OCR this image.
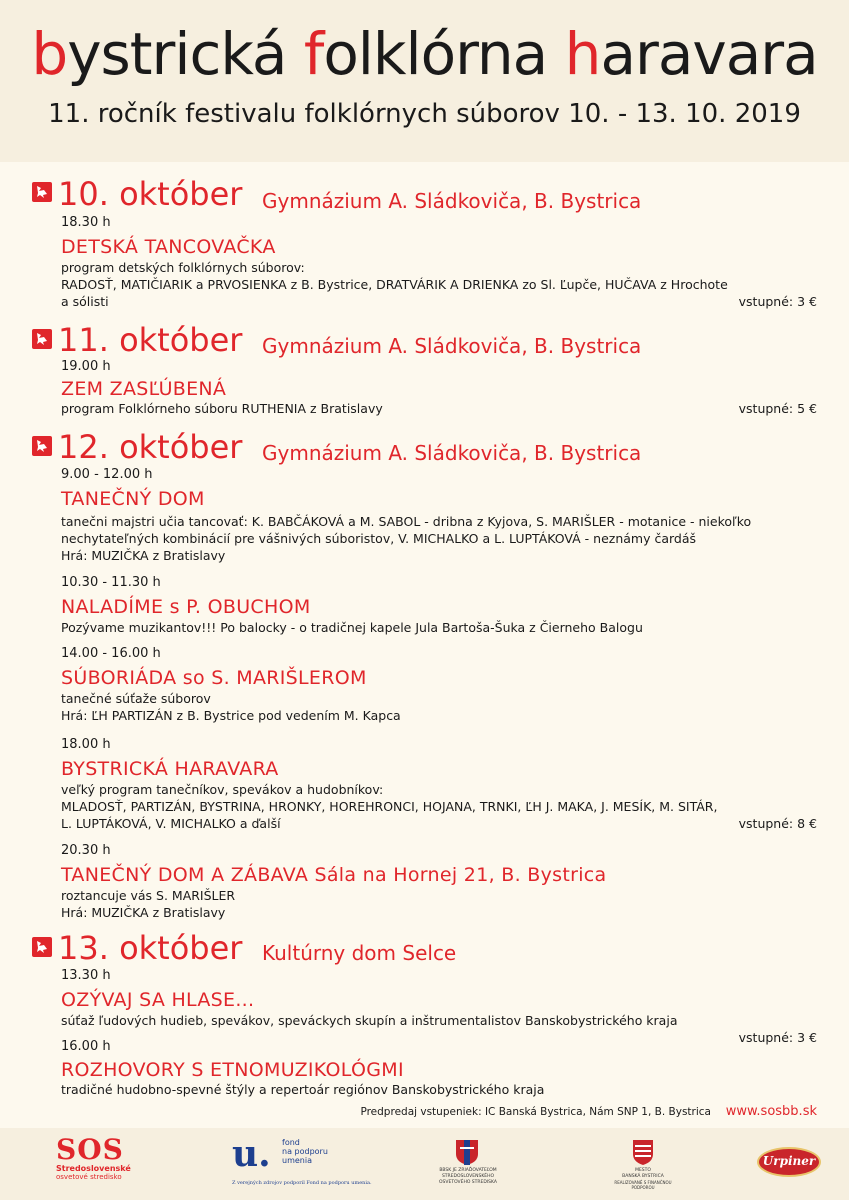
bystrická folklórna haravara
11. ročník festivalu folklórnych súborov 10. - 13. 10. 2019
10. október Gymnázium A. Sládkoviča, B. Bystrica
18.30 h
DETSKÁ TANCOVAČKA
program detských folklórnych súborov:
RADOSŤ, MATIČIARIK a PRVOSIENKA z B. Bystrice, DRATVÁRIK A DRIENKA zo Sl. Ľupče, HUČAVA z Hrochote
a sólisti	vstupné: 3 €
11. október Gymnázium A. Sládkoviča, B. Bystrica
19.00 h
ZEM ZASĽÚBENÁ
program Folklórneho súboru RUTHENIA z Bratislavy	vstupné: 5 €
12. október Gymnázium A. Sládkoviča, B. Bystrica
9.00 - 12.00 h
TANEČNÝ DOM
tanečni majstri učia tancovať: K. BABČÁKOVÁ a M. SABOL - dribna z Kyjova, S. MARIŠLER - motanice - niekoľko
nechytateľných kombinácií pre vášnivých súboristov, V. MICHALKO a L. LUPTÁKOVÁ - neznámy čardáš
Hrá: MUZIČKA z Bratislavy
10.30 - 11.30 h
NALADÍME s P. OBUCHOM
Pozývame muzikantov!!! Po balocky - o tradičnej kapele Jula Bartoša-Šuka z Čierneho Balogu
14.00 - 16.00 h
SÚBORIÁDA so S. MARIŠLEROM
tanečné súťaže súborov
Hrá: ĽH PARTIZÁN z B. Bystrice pod vedením M. Kapca
18.00 h
BYSTRICKÁ HARAVARA
veľký program tanečníkov, spevákov a hudobníkov:
MLADOSŤ, PARTIZÁN, BYSTRINA, HRONKY, HOREHRONCI, HOJANA, TRNKI, ĽH J. MAKA, J. MESÍK, M. SITÁR,
L. LUPTÁKOVÁ, V. MICHALKO a ďalší	vstupné: 8 €
20.30 h
TANEČNÝ DOM A ZÁBAVA Sála na Hornej 21, B. Bystrica
roztancuje vás S. MARIŠLER
Hrá: MUZIČKA z Bratislavy
13. október Kultúrny dom Selce
13.30 h
OZÝVAJ SA HLASE...
súťaž ľudových hudieb, spevákov, speváckych skupín a inštrumentalistov Banskobystrického kraja
vstupné: 3 €
16.00 h
ROZHOVORY S ETNOMUZIKOLÓGMI
tradičné hudobno-spevné štýly a repertoár regiónov Banskobystrického kraja
Predpredaj vstupeniek: IC Banská Bystrica, Nám SNP 1, B. Bystrica www.sosbb.sk
SOS
Stredoslovenské
osvetové stredisko
u. fond
na podporu
umenia
Z verejných zdrojov podporil Fond na podporu umenia.
BBSK JE ZRIAĎOVATEĽOM
STREDOSLOVENSKÉHO
OSVETOVÉHO STREDISKA
MESTO
BANSKÁ BYSTRICA
REALIZOVANÉ S FINANČNOU
PODPOROU
Urpiner
